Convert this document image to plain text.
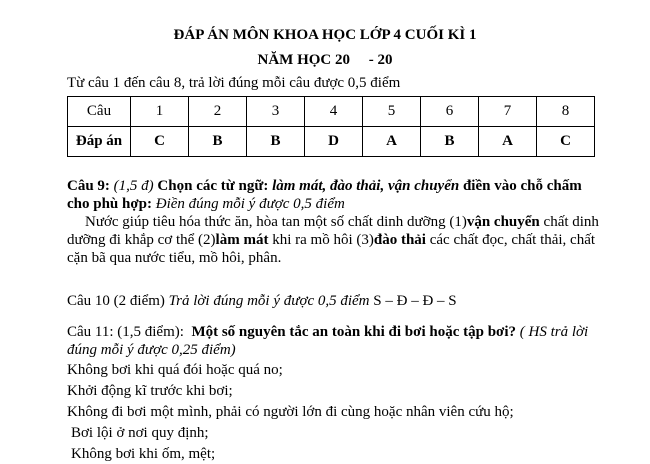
ĐÁP ÁN MÔN KHOA HỌC LỚP 4 CUỐI KÌ 1
NĂM HỌC 20 - 20
Từ câu 1 đến câu 8, trả lời đúng mỗi câu được 0,5 điểm
Câu	1	2	3	4	5	6	7	8
Đáp án	C	B	B	D	A	B	A	C
Câu 9: (1,5 đ) Chọn các từ ngữ: làm mát, đào thải, vận chuyển điền vào chỗ chấm
cho phù hợp: Điền đúng mỗi ý được 0,5 điểm
Nước giúp tiêu hóa thức ăn, hòa tan một số chất dinh dưỡng (1)vận chuyển chất dinh
dưỡng đi khắp cơ thể (2)làm mát khi ra mồ hôi (3)đào thải các chất đọc, chất thải, chất
cặn bã qua nước tiểu, mồ hôi, phân.
Câu 10 (2 điểm) Trả lời đúng mỗi ý được 0,5 điểm S – Đ – Đ – S
Câu 11: (1,5 điểm): Một số nguyên tắc an toàn khi đi bơi hoặc tập bơi? ( HS trả lời
đúng mỗi ý được 0,25 điểm)
Không bơi khi quá đói hoặc quá no;
Khởi động kĩ trước khi bơi;
Không đi bơi một mình, phải có người lớn đi cùng hoặc nhân viên cứu hộ;
Bơi lội ở nơi quy định;
Không bơi khi ốm, mệt;
